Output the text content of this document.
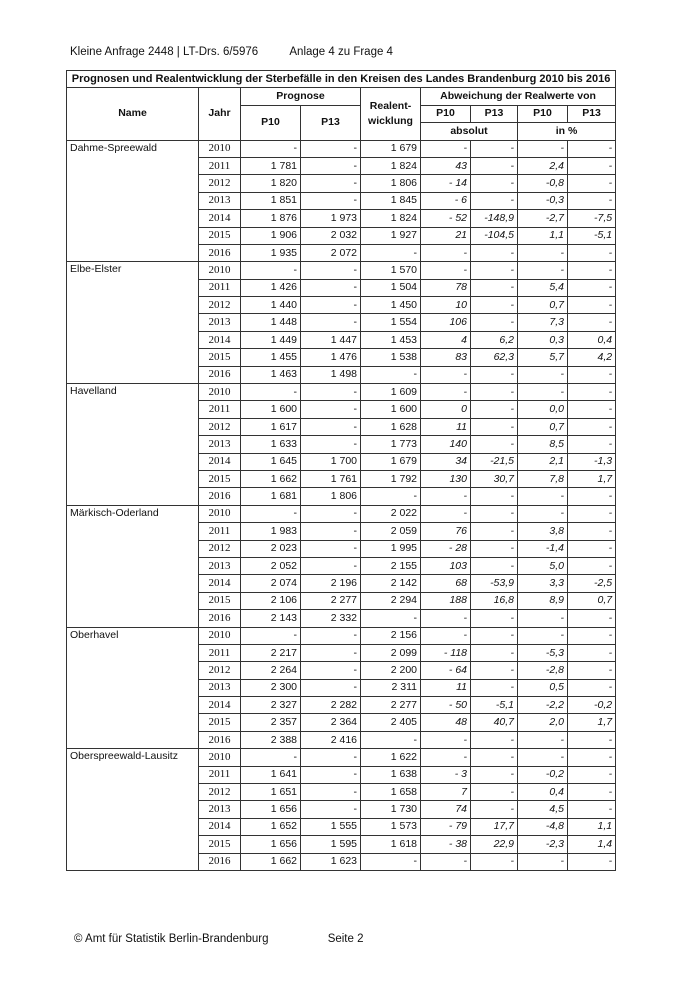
Kleine Anfrage 2448 | LT-Drs. 6/5976	Anlage 4 zu Frage 4
Prognosen und Realentwicklung der Sterbefälle in den Kreisen des Landes Brandenburg 2010 bis 2016								
Name	Jahr	Prognose		Realent-
wicklung	Abweichung der Realwerte von			
		P10	P13		P10	P13	P10	P13
					absolut		in %	
Dahme-Spreewald	2010	-	-	1 679	-	-	-	-
	2011	1 781	-	1 824	43	-	2,4	-
	2012	1 820	-	1 806	- 14	-	-0,8	-
	2013	1 851	-	1 845	- 6	-	-0,3	-
	2014	1 876	1 973	1 824	- 52	-148,9	-2,7	-7,5
	2015	1 906	2 032	1 927	21	-104,5	1,1	-5,1
	2016	1 935	2 072	-	-	-	-	-
Elbe-Elster	2010	-	-	1 570	-	-	-	-
	2011	1 426	-	1 504	78	-	5,4	-
	2012	1 440	-	1 450	10	-	0,7	-
	2013	1 448	-	1 554	106	-	7,3	-
	2014	1 449	1 447	1 453	4	6,2	0,3	0,4
	2015	1 455	1 476	1 538	83	62,3	5,7	4,2
	2016	1 463	1 498	-	-	-	-	-
Havelland	2010	-	-	1 609	-	-	-	-
	2011	1 600	-	1 600	0	-	0,0	-
	2012	1 617	-	1 628	11	-	0,7	-
	2013	1 633	-	1 773	140	-	8,5	-
	2014	1 645	1 700	1 679	34	-21,5	2,1	-1,3
	2015	1 662	1 761	1 792	130	30,7	7,8	1,7
	2016	1 681	1 806	-	-	-	-	-
Märkisch-Oderland	2010	-	-	2 022	-	-	-	-
	2011	1 983	-	2 059	76	-	3,8	-
	2012	2 023	-	1 995	- 28	-	-1,4	-
	2013	2 052	-	2 155	103	-	5,0	-
	2014	2 074	2 196	2 142	68	-53,9	3,3	-2,5
	2015	2 106	2 277	2 294	188	16,8	8,9	0,7
	2016	2 143	2 332	-	-	-	-	-
Oberhavel	2010	-	-	2 156	-	-	-	-
	2011	2 217	-	2 099	- 118	-	-5,3	-
	2012	2 264	-	2 200	- 64	-	-2,8	-
	2013	2 300	-	2 311	11	-	0,5	-
	2014	2 327	2 282	2 277	- 50	-5,1	-2,2	-0,2
	2015	2 357	2 364	2 405	48	40,7	2,0	1,7
	2016	2 388	2 416	-	-	-	-	-
Oberspreewald-Lausitz	2010	-	-	1 622	-	-	-	-
	2011	1 641	-	1 638	- 3	-	-0,2	-
	2012	1 651	-	1 658	7	-	0,4	-
	2013	1 656	-	1 730	74	-	4,5	-
	2014	1 652	1 555	1 573	- 79	17,7	-4,8	1,1
	2015	1 656	1 595	1 618	- 38	22,9	-2,3	1,4
	2016	1 662	1 623	-	-	-	-	-
© Amt für Statistik Berlin-Brandenburg	Seite 2
